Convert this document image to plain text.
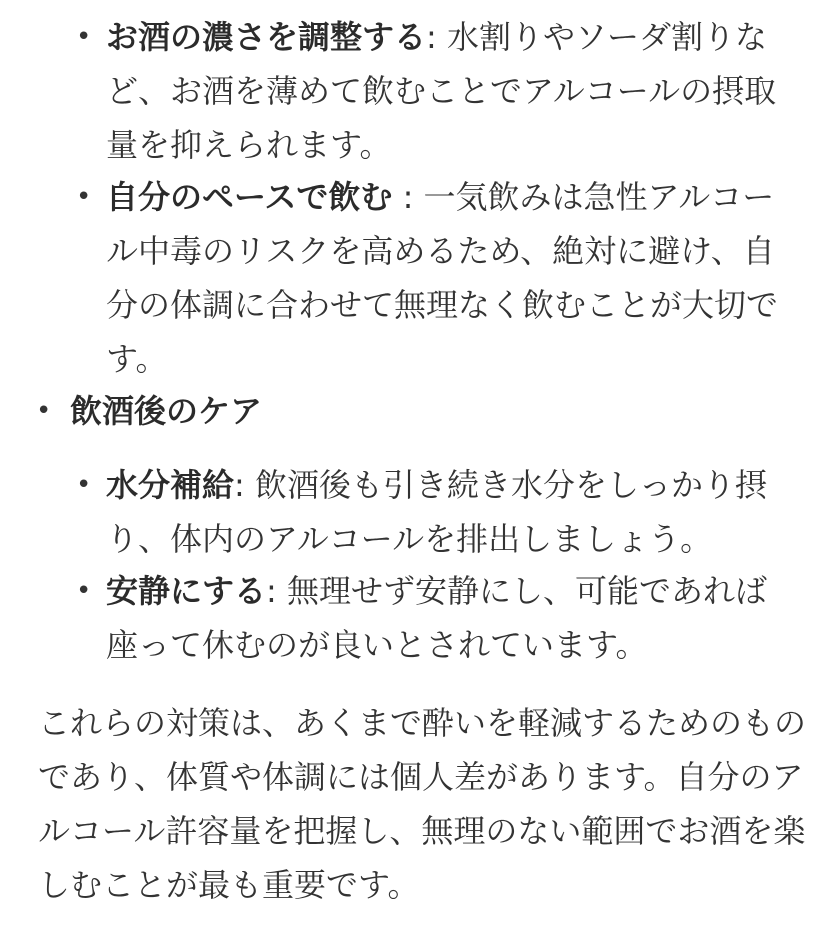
• お酒の濃さを調整する: 水割りやソーダ割りなど、お酒を薄めて飲むことでアルコールの摂取量を抑えられます。
• 自分のペースで飲む : 一気飲みは急性アルコール中毒のリスクを高めるため、絶対に避け、自分の体調に合わせて無理なく飲むことが大切です。
• 飲酒後のケア
• 水分補給: 飲酒後も引き続き水分をしっかり摂り、体内のアルコールを排出しましょう。
• 安静にする: 無理せず安静にし、可能であれば座って休むのが良いとされています。
これらの対策は、あくまで酔いを軽減するためのものであり、体質や体調には個人差があります。自分のアルコール許容量を把握し、無理のない範囲でお酒を楽しむことが最も重要です。
